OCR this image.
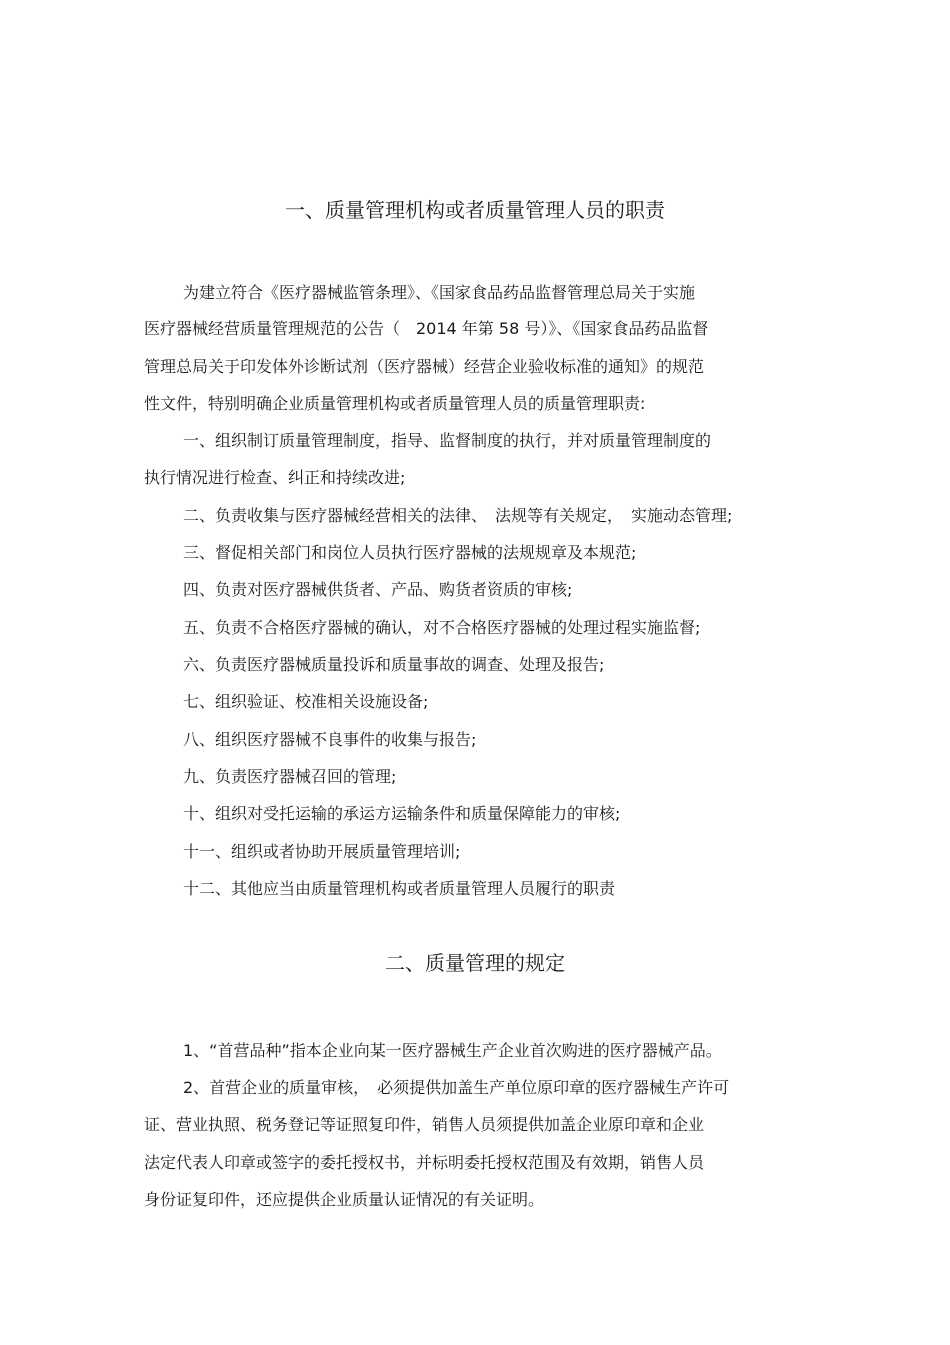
一、质量管理机构或者质量管理人员的职责
为建立符合《医疗器械监管条理》、《国家食品药品监督管理总局关于实施
医疗器械经营质量管理规范的公告（　2014 年第 58 号）》、《国家食品药品监督
管理总局关于印发体外诊断试剂（医疗器械）经营企业验收标准的通知》的规范
性文件，特别明确企业质量管理机构或者质量管理人员的质量管理职责:
一、组织制订质量管理制度，指导、监督制度的执行，并对质量管理制度的
执行情况进行检查、纠正和持续改进;
二、负责收集与医疗器械经营相关的法律、　法规等有关规定，　实施动态管理;
三、督促相关部门和岗位人员执行医疗器械的法规规章及本规范;
四、负责对医疗器械供货者、产品、购货者资质的审核;
五、负责不合格医疗器械的确认，对不合格医疗器械的处理过程实施监督;
六、负责医疗器械质量投诉和质量事故的调查、处理及报告;
七、组织验证、校准相关设施设备;
八、组织医疗器械不良事件的收集与报告;
九、负责医疗器械召回的管理;
十、组织对受托运输的承运方运输条件和质量保障能力的审核;
十一、组织或者协助开展质量管理培训;
十二、其他应当由质量管理机构或者质量管理人员履行的职责
二、质量管理的规定
1、“首营品种”指本企业向某一医疗器械生产企业首次购进的医疗器械产品。
2、首营企业的质量审核，　必须提供加盖生产单位原印章的医疗器械生产许可
证、营业执照、税务登记等证照复印件，销售人员须提供加盖企业原印章和企业
法定代表人印章或签字的委托授权书，并标明委托授权范围及有效期，销售人员
身份证复印件，还应提供企业质量认证情况的有关证明。
